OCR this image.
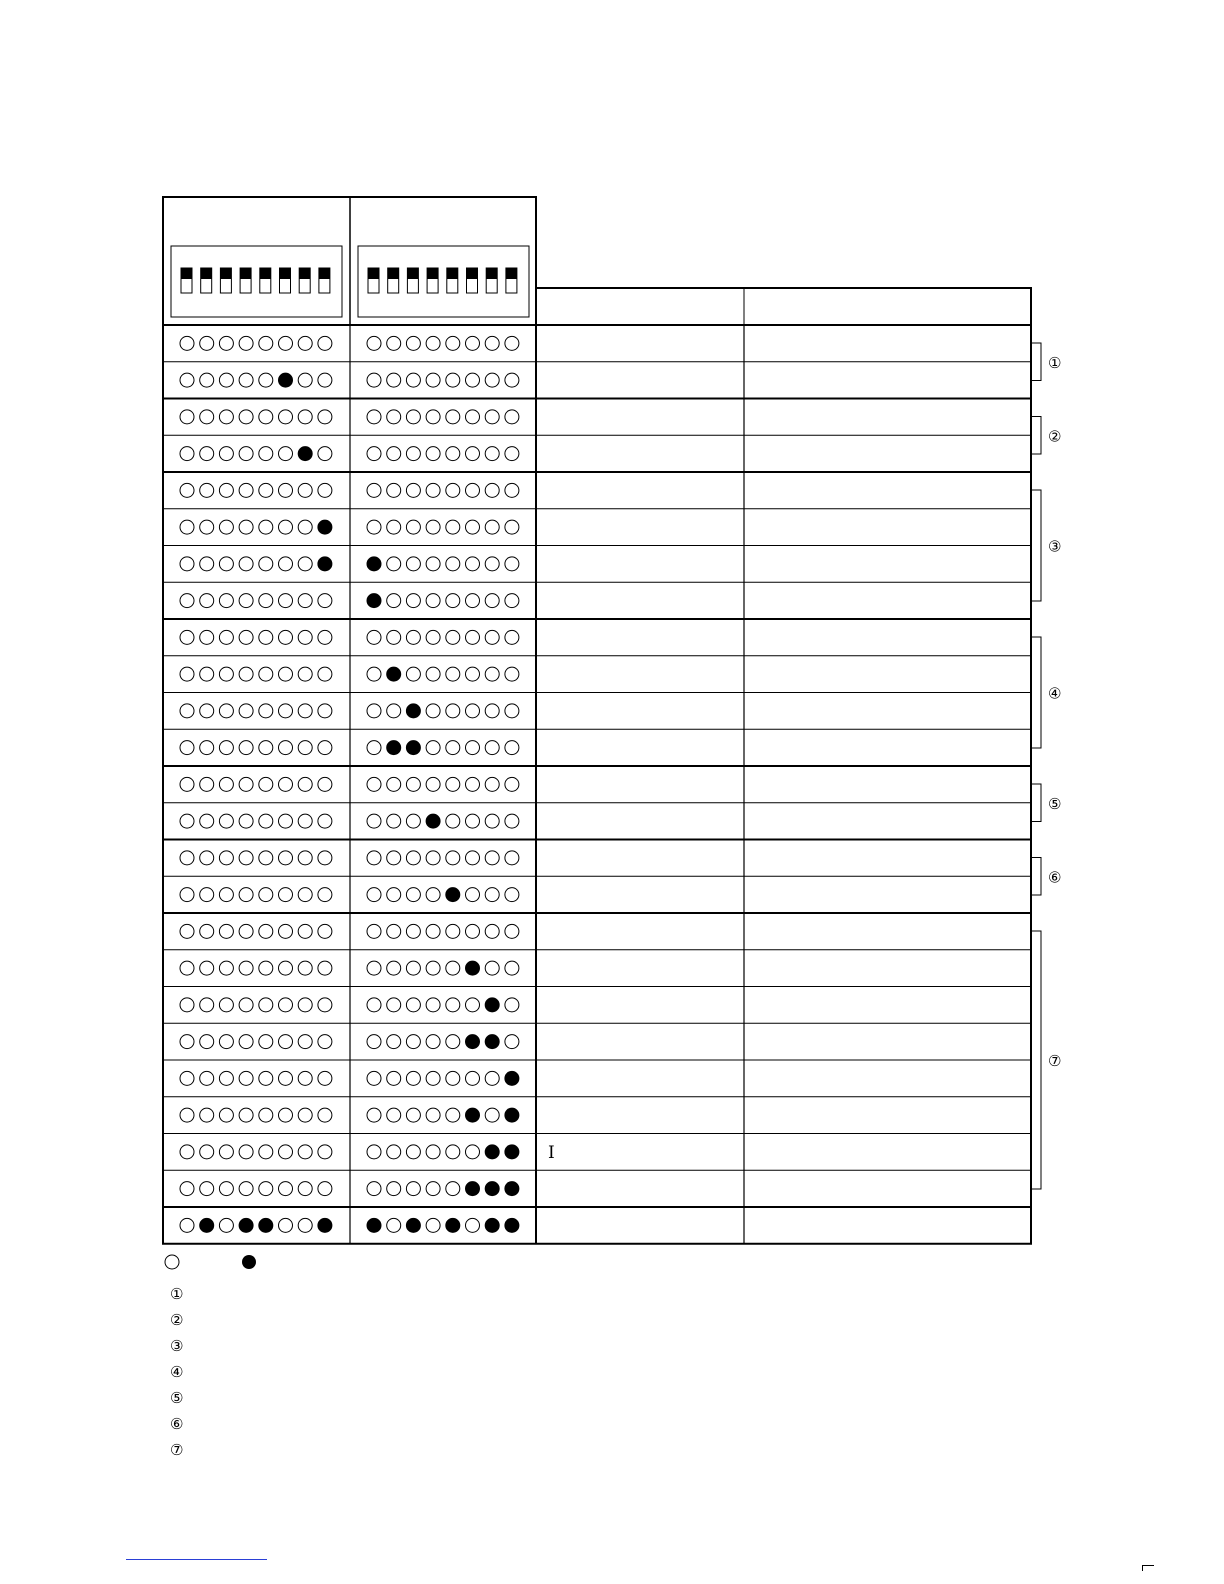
I
①
②
③
④
⑤
⑥
⑦
①
②
③
④
⑤
⑥
⑦
